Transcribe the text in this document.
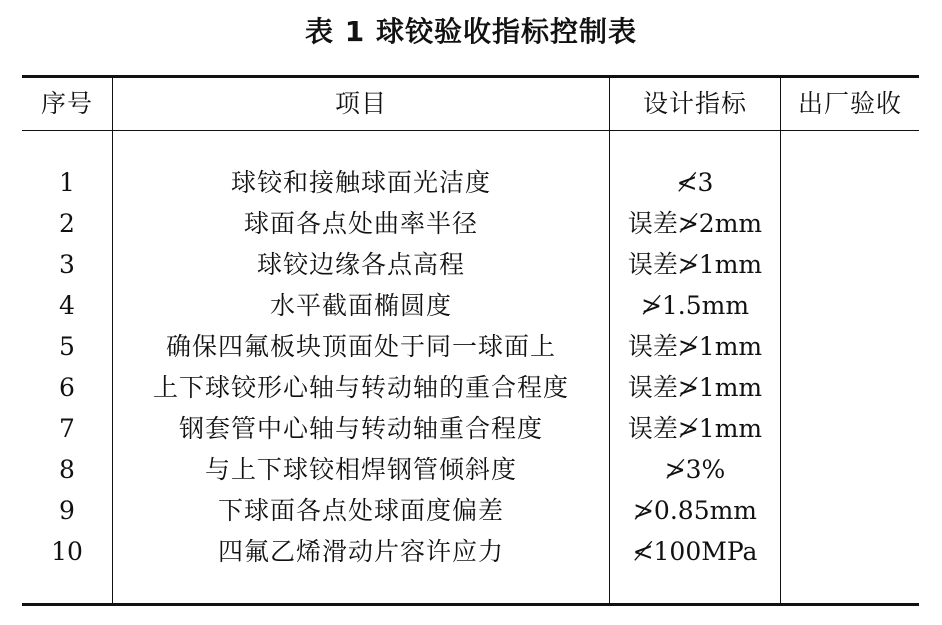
表 1 球铰验收指标控制表
序号	项目	设计指标	出厂验收
1	球铰和接触球面光洁度	≮3
2	球面各点处曲率半径	误差≯2mm
3	球铰边缘各点高程	误差≯1mm
4	水平截面椭圆度	≯1.5mm
5	确保四氟板块顶面处于同一球面上	误差≯1mm
6	上下球铰形心轴与转动轴的重合程度	误差≯1mm
7	钢套管中心轴与转动轴重合程度	误差≯1mm
8	与上下球铰相焊钢管倾斜度	≯3%
9	下球面各点处球面度偏差	≯0.85mm
10	四氟乙烯滑动片容许应力	≮100MPa
